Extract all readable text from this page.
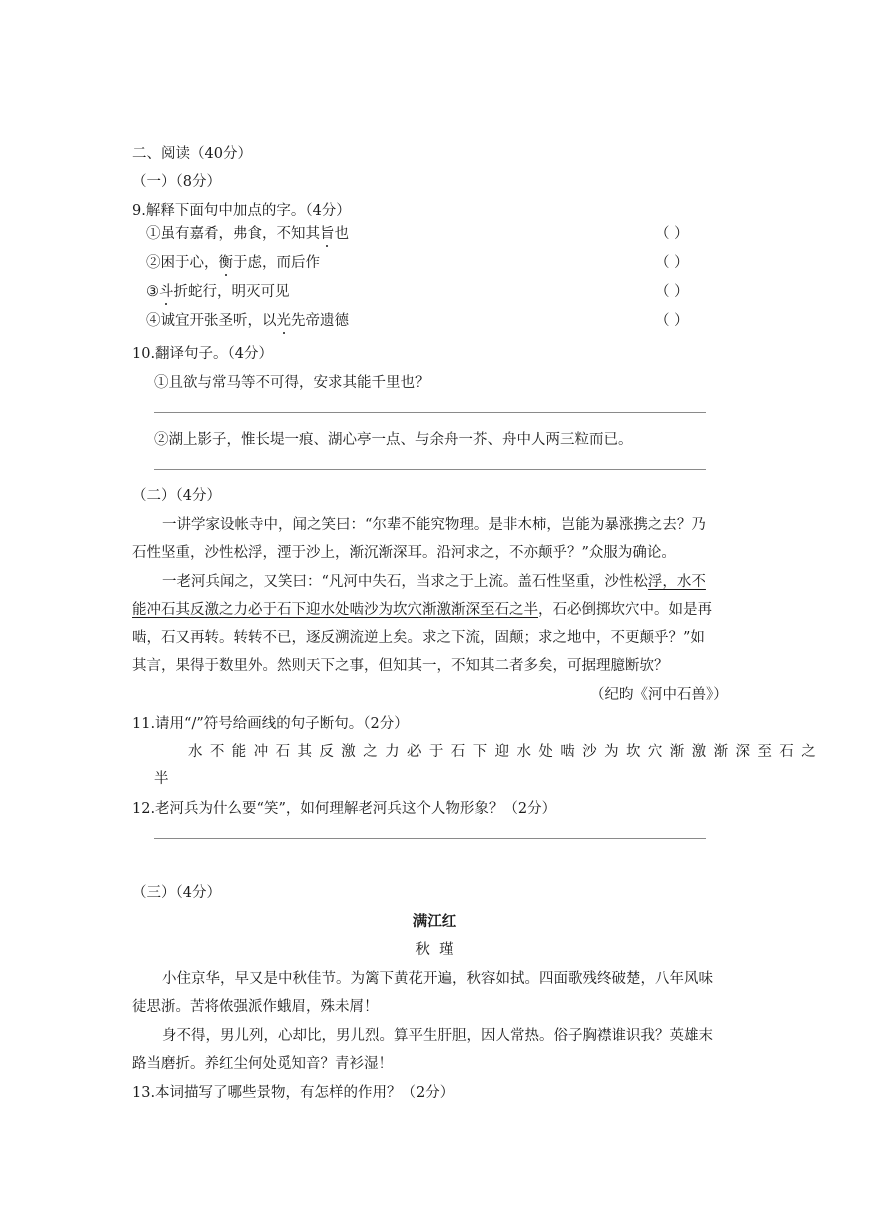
二、阅读（40分）
（一）（8分）
9.解释下面句中加点的字。（4分）
①虽有嘉肴，弗食，不知其旨也	（ ）
②困于心，衡于虑，而后作	（ ）
③斗折蛇行，明灭可见	（ ）
④诚宜开张圣听，以光先帝遗德	（ ）
10.翻译句子。（4分）
①且欲与常马等不可得，安求其能千里也？
②湖上影子，惟长堤一痕、湖心亭一点、与余舟一芥、舟中人两三粒而已。
（二）（4分）
一讲学家设帐寺中，闻之笑曰：“尔辈不能究物理。是非木柿，岂能为暴涨携之去？乃
石性坚重，沙性松浮，湮于沙上，渐沉渐深耳。沿河求之，不亦颠乎？”众服为确论。
一老河兵闻之，又笑曰：“凡河中失石，当求之于上流。盖石性坚重，沙性松浮，水不
能冲石其反激之力必于石下迎水处啮沙为坎穴渐激渐深至石之半，石必倒掷坎穴中。如是再
啮，石又再转。转转不已，逐反溯流逆上矣。求之下流，固颠；求之地中，不更颠乎？”如
其言，果得于数里外。然则天下之事，但知其一，不知其二者多矣，可据理臆断欤？
（纪昀《河中石兽》）
11.请用“/”符号给画线的句子断句。（2分）
水不能冲石其反激之力必于石下迎水处啮沙为坎穴渐激渐深至石之
半
12.老河兵为什么要“笑”，如何理解老河兵这个人物形象？（2分）
（三）（4分）
满江红
秋  瑾
小住京华，早又是中秋佳节。为篱下黄花开遍，秋容如拭。四面歌残终破楚，八年风味
徒思浙。苦将侬强派作蛾眉，殊未屑！
身不得，男儿列，心却比，男儿烈。算平生肝胆，因人常热。俗子胸襟谁识我？英雄末
路当磨折。养红尘何处觅知音？青衫湿！
13.本词描写了哪些景物，有怎样的作用？（2分）
